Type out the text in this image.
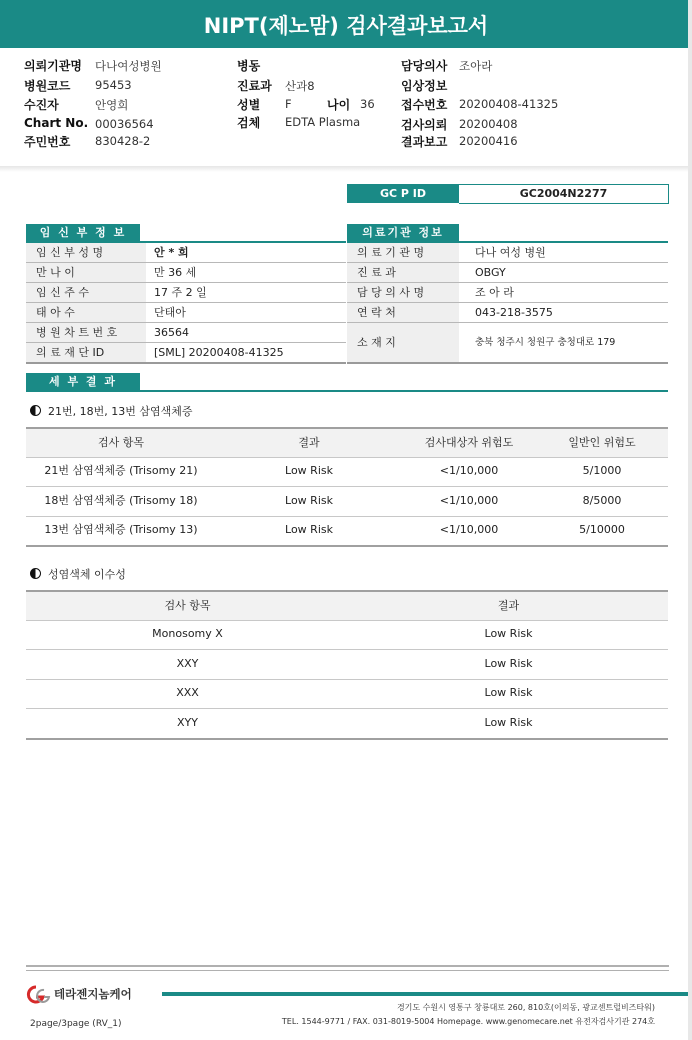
NIPT(제노맘) 검사결과보고서
의뢰기관명 다나여성병원
병원코드 95453
수진자	안영희
Chart No. 00036564
주민번호 830428-2
병동
진료과 산과8
성별 F	나이 36
검체 EDTA Plasma
담당의사 조아라
임상정보
접수번호 20200408-41325
검사의뢰 20200408
결과보고 20200416
GC P ID	GC2004N2277
임 신 부 정 보
임 신 부 성 명	안 * 희
만 나 이	만 36 세
임 신 주 수	17 주 2 일
태 아 수	단태아
병 원 차 트 번 호	36564
의 료 재 단 ID	[SML] 20200408-41325
의료기관 정보
의 료 기 관 명	다나 여성 병원
진 료 과	OBGY
담 당 의 사 명	조 아 라
연 락 처	043-218-3575
소 재 지	충북 청주시 청원구 충청대로 179
세 부 결 과
21번, 18번, 13번 삼염색체증
검사 항목	결과	검사대상자 위험도	일반인 위험도
21번 삼염색체증 (Trisomy 21)	Low Risk	<1/10,000	5/1000
18번 삼염색체증 (Trisomy 18)	Low Risk	<1/10,000	8/5000
13번 삼염색체증 (Trisomy 13)	Low Risk	<1/10,000	5/10000
성염색체 이수성
검사 항목	결과
Monosomy X	Low Risk
XXY	Low Risk
XXX	Low Risk
XYY	Low Risk
테라젠지놈케어
경기도 수원시 영통구 창룡대로 260, 810호(이의동, 광교센트럴비즈타워)
TEL. 1544-9771 / FAX. 031-8019-5004 Homepage. www.genomecare.net 유전자검사기관 274호
2page/3page (RV_1)
